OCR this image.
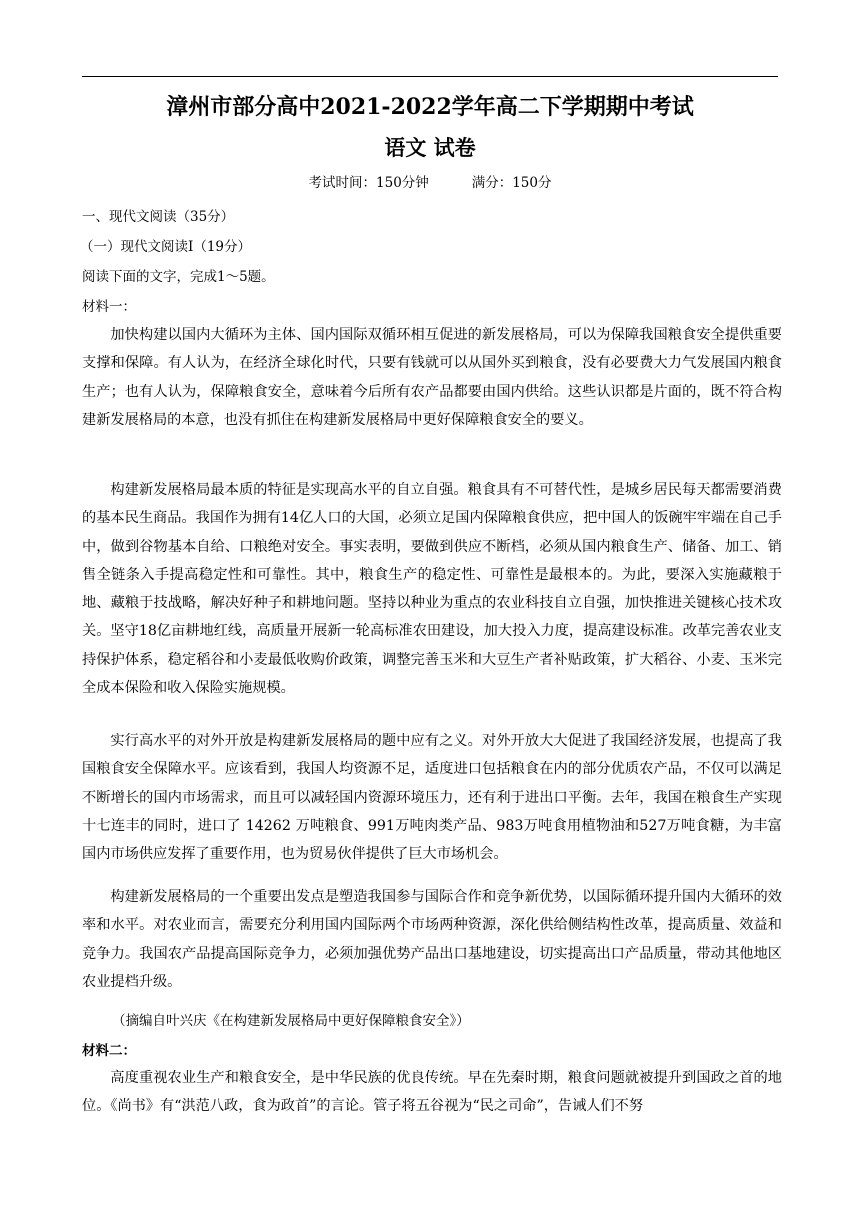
漳州市部分高中2021-2022学年高二下学期期中考试
语文 试卷
考试时间：150分钟          满分：150分
一、现代文阅读（35分）
（一）现代文阅读Ⅰ（19分）
阅读下面的文字，完成1～5题。
材料一：

加快构建以国内大循环为主体、国内国际双循环相互促进的新发展格局，可以为保障我国粮食安全提供重要支撑和保障。有人认为，在经济全球化时代，只要有钱就可以从国外买到粮食，没有必要费大力气发展国内粮食生产；也有人认为，保障粮食安全，意味着今后所有农产品都要由国内供给。这些认识都是片面的，既不符合构建新发展格局的本意，也没有抓住在构建新发展格局中更好保障粮食安全的要义。

构建新发展格局最本质的特征是实现高水平的自立自强。粮食具有不可替代性，是城乡居民每天都需要消费的基本民生商品。我国作为拥有14亿人口的大国，必须立足国内保障粮食供应，把中国人的饭碗牢牢端在自己手中，做到谷物基本自给、口粮绝对安全。事实表明，要做到供应不断档，必须从国内粮食生产、储备、加工、销售全链条入手提高稳定性和可靠性。其中，粮食生产的稳定性、可靠性是最根本的。为此，要深入实施藏粮于地、藏粮于技战略，解决好种子和耕地问题。坚持以种业为重点的农业科技自立自强，加快推进关键核心技术攻关。坚守18亿亩耕地红线，高质量开展新一轮高标准农田建设，加大投入力度，提高建设标准。改革完善农业支持保护体系，稳定稻谷和小麦最低收购价政策，调整完善玉米和大豆生产者补贴政策，扩大稻谷、小麦、玉米完全成本保险和收入保险实施规模。

实行高水平的对外开放是构建新发展格局的题中应有之义。对外开放大大促进了我国经济发展，也提高了我国粮食安全保障水平。应该看到，我国人均资源不足，适度进口包括粮食在内的部分优质农产品，不仅可以满足不断增长的国内市场需求，而且可以减轻国内资源环境压力，还有利于进出口平衡。去年，我国在粮食生产实现十七连丰的同时，进口了 14262 万吨粮食、991万吨肉类产品、983万吨食用植物油和527万吨食糖，为丰富国内市场供应发挥了重要作用，也为贸易伙伴提供了巨大市场机会。

构建新发展格局的一个重要出发点是塑造我国参与国际合作和竞争新优势，以国际循环提升国内大循环的效率和水平。对农业而言，需要充分利用国内国际两个市场两种资源，深化供给侧结构性改革，提高质量、效益和竞争力。我国农产品提高国际竞争力，必须加强优势产品出口基地建设，切实提高出口产品质量，带动其他地区农业提档升级。

（摘编自叶兴庆《在构建新发展格局中更好保障粮食安全》）
材料二：

高度重视农业生产和粮食安全，是中华民族的优良传统。早在先秦时期，粮食问题就被提升到国政之首的地位。《尚书》有“洪范八政，食为政首”的言论。管子将五谷视为“民之司命”，告诫人们不努
